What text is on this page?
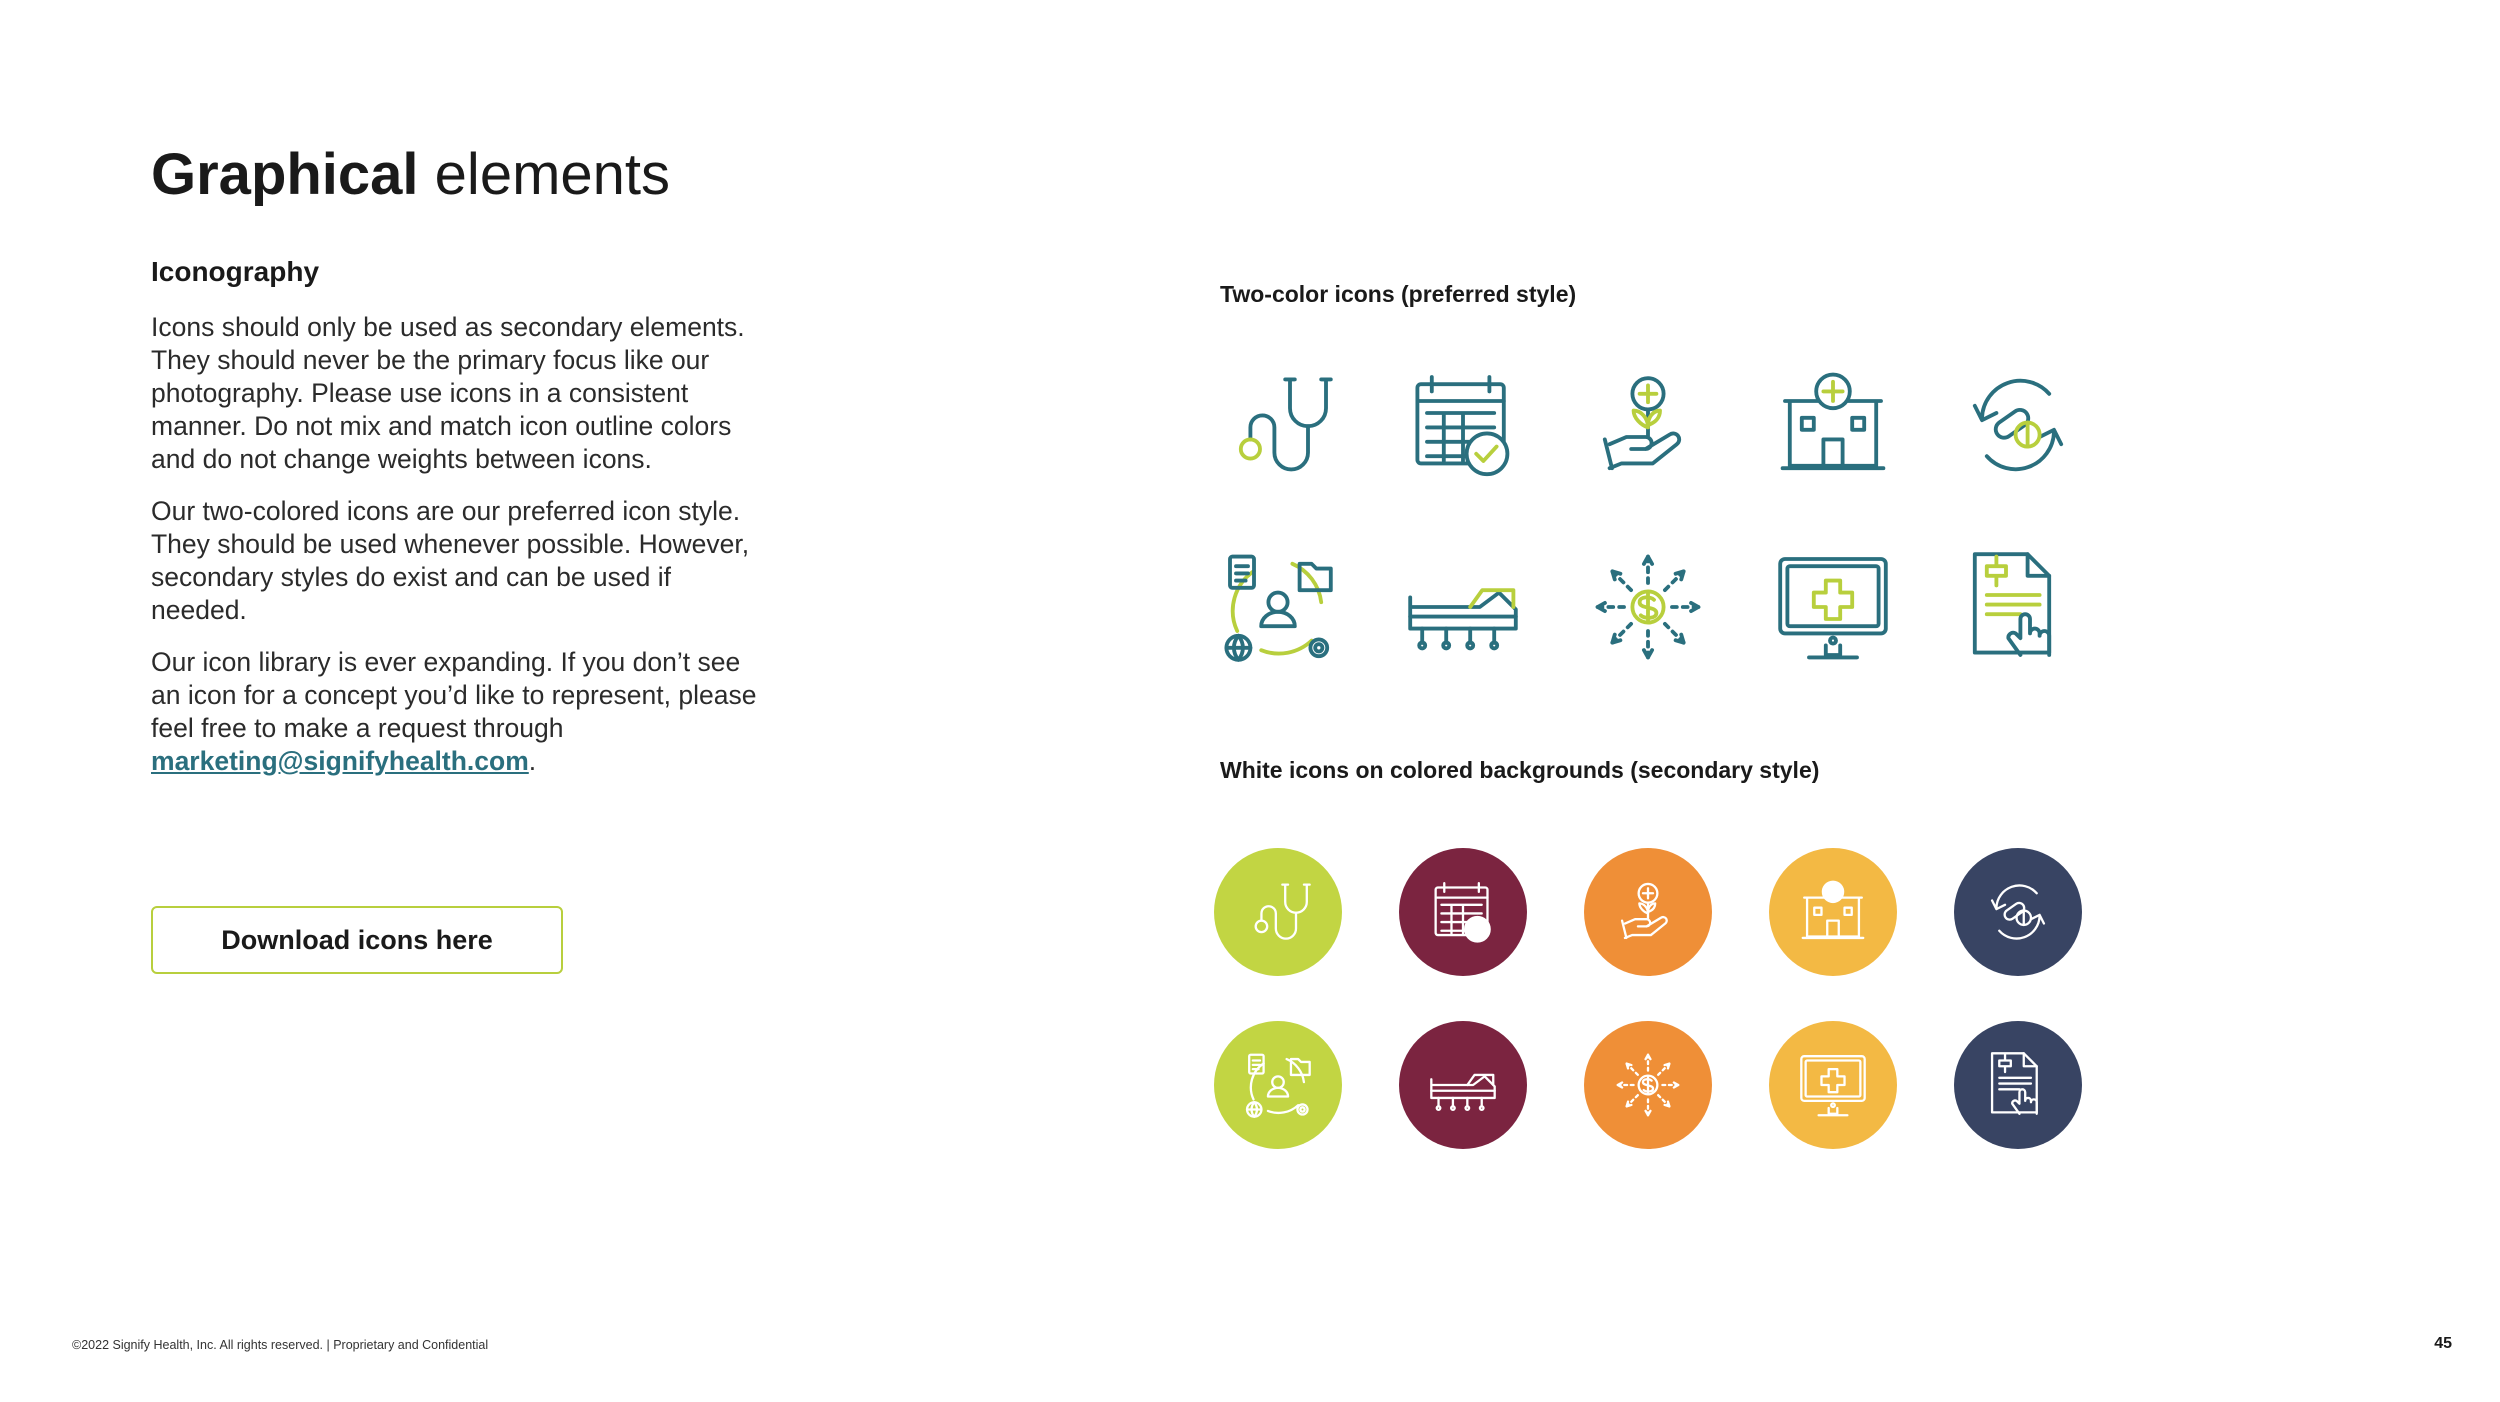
Graphical elements
Iconography

Icons should only be used as secondary elements. They should never be the primary focus like our photography. Please use icons in a consistent manner. Do not mix and match icon outline colors and do not change weights between icons.

Our two-colored icons are our preferred icon style. They should be used whenever possible. However, secondary styles do exist and can be used if needed.

Our icon library is ever expanding. If you don’t see an icon for a concept you’d like to represent, please feel free to make a request through marketing@signifyhealth.com.

Download icons here
Two-color icons (preferred style)
White icons on colored backgrounds (secondary style)
©2022 Signify Health, Inc. All rights reserved. | Proprietary and Confidential	45
